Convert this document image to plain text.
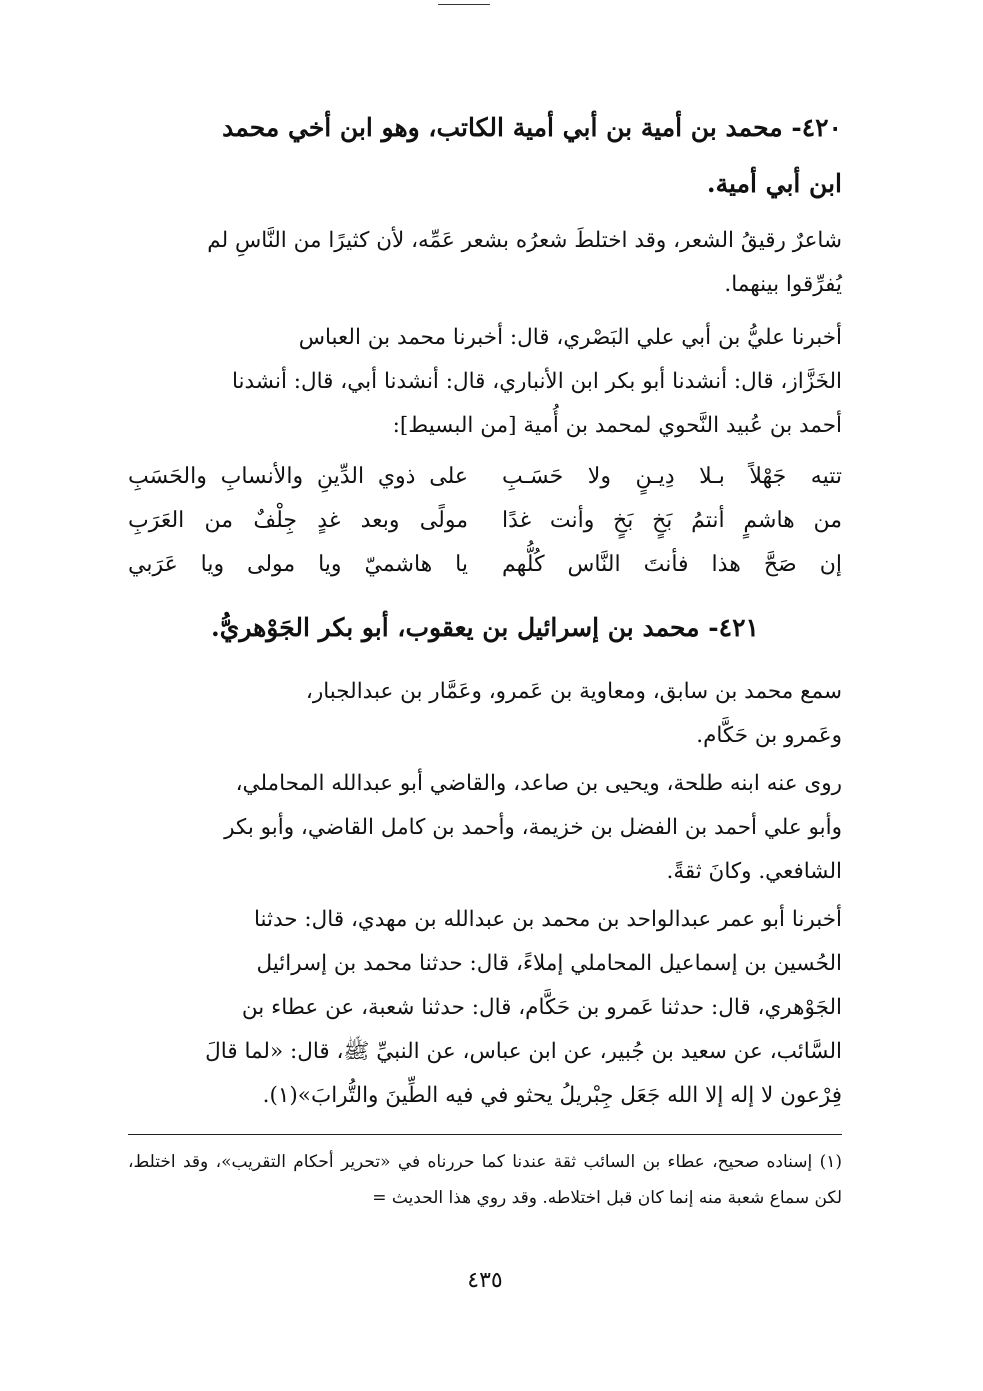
٤٢٠- محمد بن أمية بن أبي أمية الكاتب، وهو ابن أخي محمد
ابن أبي أمية.
شاعرٌ رقيقُ الشعر، وقد اختلطَ شعرُه بشعر عَمِّه، لأن كثيرًا من النَّاسِ لم
يُفرِّقوا بينهما.
أخبرنا عليُّ بن أبي علي البَصْري، قال: أخبرنا محمد بن العباس
الخَزَّاز، قال: أنشدنا أبو بكر ابن الأنباري، قال: أنشدنا أبي، قال: أنشدنا
أحمد بن عُبيد النَّحوي لمحمد بن أُمية [من البسيط]:
تتيه جَهْلاً بـلا دِيـنٍ ولا حَسَـبِ
على ذوي الدِّينِ والأنسابِ والحَسَبِ
من هاشمٍ أنتمُ بَخٍ بَخٍ وأنت غدًا
مولًى وبعد غدٍ جِلْفٌ من العَرَبِ
إن صَحَّ هذا فأنتَ النَّاس كُلُّهم
يا هاشميّ ويا مولى ويا عَرَبي
٤٢١- محمد بن إسرائيل بن يعقوب، أبو بكر الجَوْهريُّ.
سمع محمد بن سابق، ومعاوية بن عَمرو، وعَمَّار بن عبدالجبار،
وعَمرو بن حَكَّام.
روى عنه ابنه طلحة، ويحيى بن صاعد، والقاضي أبو عبدالله المحاملي،
وأبو علي أحمد بن الفضل بن خزيمة، وأحمد بن كامل القاضي، وأبو بكر
الشافعي. وكانَ ثقةً.
أخبرنا أبو عمر عبدالواحد بن محمد بن عبدالله بن مهدي، قال: حدثنا
الحُسين بن إسماعيل المحاملي إملاءً، قال: حدثنا محمد بن إسرائيل
الجَوْهري، قال: حدثنا عَمرو بن حَكَّام، قال: حدثنا شعبة، عن عطاء بن
السَّائب، عن سعيد بن جُبير، عن ابن عباس، عن النبيِّ ﷺ، قال: «لما قالَ
فِرْعون لا إله إلا الله جَعَل جِبْريلُ يحثو في فيه الطِّينَ والتُّرابَ»(١).
(١) إسناده صحيح، عطاء بن السائب ثقة عندنا كما حررناه في «تحرير أحكام التقريب»، وقد اختلط، لكن سماع شعبة منه إنما كان قبل اختلاطه. وقد روي هذا الحديث =
٤٣٥
